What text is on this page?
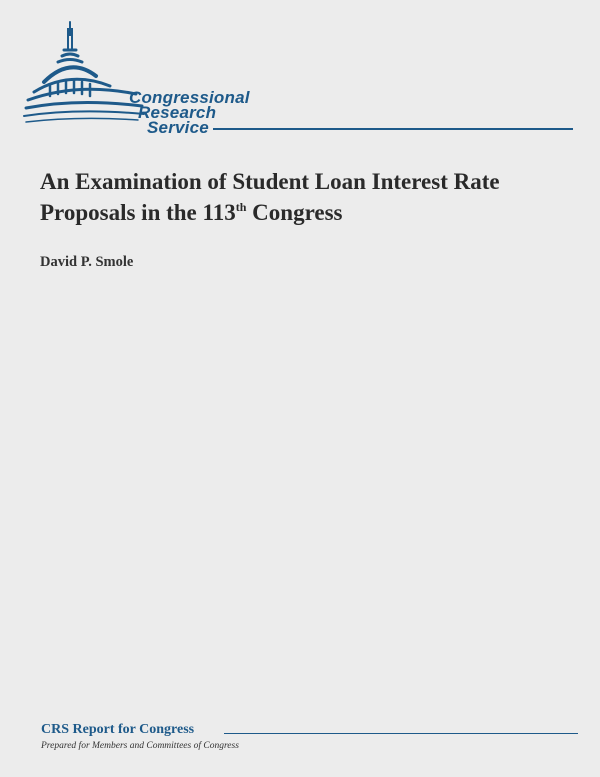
Congressional
Research
Service
An Examination of Student Loan Interest Rate
Proposals in the 113th Congress
David P. Smole
CRS Report for Congress
Prepared for Members and Committees of Congress
